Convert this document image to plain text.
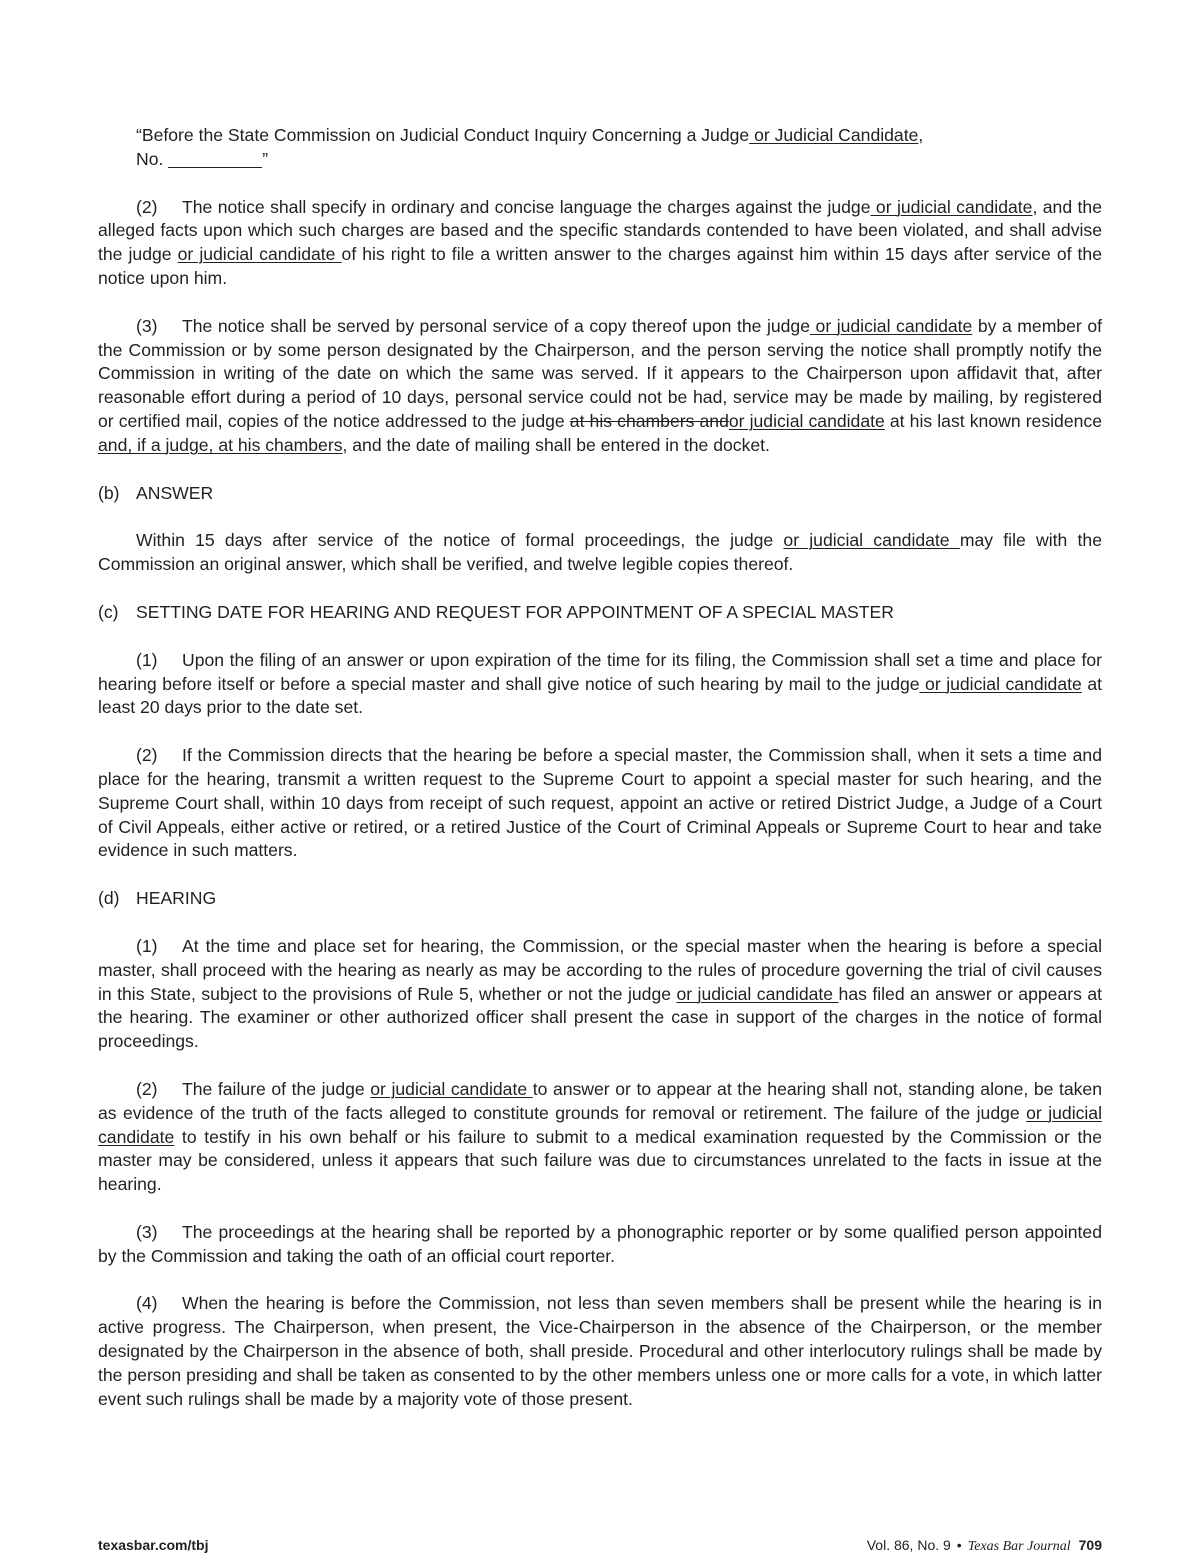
“Before the State Commission on Judicial Conduct Inquiry Concerning a Judge or Judicial Candidate,
No.	”
(2) The notice shall specify in ordinary and concise language the charges against the judge or judicial candidate, and the alleged facts upon which such charges are based and the specific standards contended to have been violated, and shall advise the judge or judicial candidate of his right to file a written answer to the charges against him within 15 days after service of the notice upon him.
(3) The notice shall be served by personal service of a copy thereof upon the judge or judicial candidate by a member of the Commission or by some person designated by the Chairperson, and the person serving the notice shall promptly notify the Commission in writing of the date on which the same was served. If it appears to the Chairperson upon affidavit that, after reasonable effort during a period of 10 days, personal service could not be had, service may be made by mailing, by registered or certified mail, copies of the notice addressed to the judge at his chambers andor judicial candidate at his last known residence and, if a judge, at his chambers, and the date of mailing shall be entered in the docket.
(b) ANSWER
Within 15 days after service of the notice of formal proceedings, the judge or judicial candidate may file with the Commission an original answer, which shall be verified, and twelve legible copies thereof.
(c) SETTING DATE FOR HEARING AND REQUEST FOR APPOINTMENT OF A SPECIAL MASTER
(1) Upon the filing of an answer or upon expiration of the time for its filing, the Commission shall set a time and place for hearing before itself or before a special master and shall give notice of such hearing by mail to the judge or judicial candidate at least 20 days prior to the date set.
(2) If the Commission directs that the hearing be before a special master, the Commission shall, when it sets a time and place for the hearing, transmit a written request to the Supreme Court to appoint a special master for such hearing, and the Supreme Court shall, within 10 days from receipt of such request, appoint an active or retired District Judge, a Judge of a Court of Civil Appeals, either active or retired, or a retired Justice of the Court of Criminal Appeals or Supreme Court to hear and take evidence in such matters.
(d) HEARING
(1) At the time and place set for hearing, the Commission, or the special master when the hearing is before a special master, shall proceed with the hearing as nearly as may be according to the rules of procedure governing the trial of civil causes in this State, subject to the provisions of Rule 5, whether or not the judge or judicial candidate has filed an answer or appears at the hearing. The examiner or other authorized officer shall present the case in support of the charges in the notice of formal proceedings.
(2) The failure of the judge or judicial candidate to answer or to appear at the hearing shall not, standing alone, be taken as evidence of the truth of the facts alleged to constitute grounds for removal or retirement. The failure of the judge or judicial candidate to testify in his own behalf or his failure to submit to a medical examination requested by the Commission or the master may be considered, unless it appears that such failure was due to circumstances unrelated to the facts in issue at the hearing.
(3) The proceedings at the hearing shall be reported by a phonographic reporter or by some qualified person appointed by the Commission and taking the oath of an official court reporter.
(4) When the hearing is before the Commission, not less than seven members shall be present while the hearing is in active progress. The Chairperson, when present, the Vice-Chairperson in the absence of the Chairperson, or the member designated by the Chairperson in the absence of both, shall preside. Procedural and other interlocutory rulings shall be made by the person presiding and shall be taken as consented to by the other members unless one or more calls for a vote, in which latter event such rulings shall be made by a majority vote of those present.
texasbar.com/tbj	Vol. 86, No. 9 • Texas Bar Journal 709
